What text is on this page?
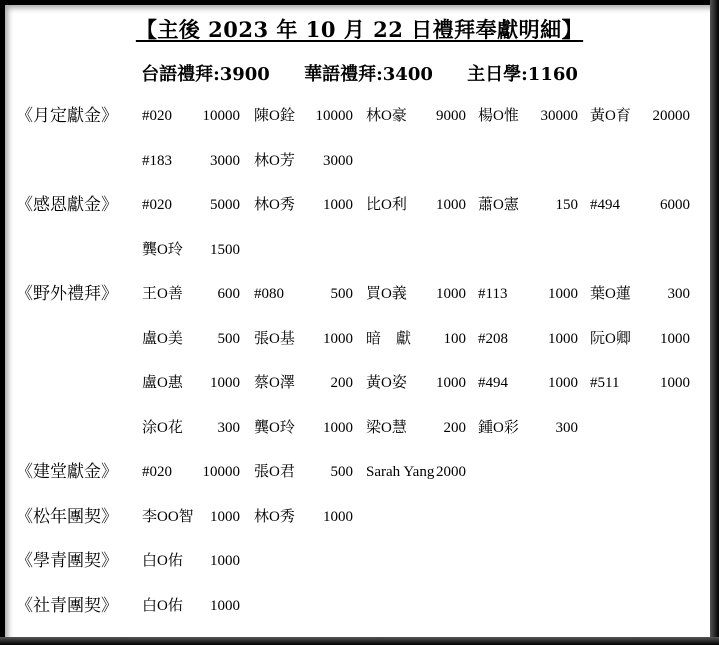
【主後 2023 年 10 月 22 日禮拜奉獻明細】
台語禮拜:3900 華語禮拜:3400 主日學:1160
《月定獻金》 #020	10000 陳O銓	10000 林O豪	9000 楊O惟	30000 黃O育	20000
#183	3000 林O芳	3000
《感恩獻金》 #020	5000 林O秀	1000 比O利	1000 蕭O憲	150 #494	6000
龔O玲	1500
《野外禮拜》 王O善	600 #080	500 買O義	1000 #113	1000 葉O蓮	300
盧O美	500 張O基	1000 暗　獻	100 #208	1000 阮O卿	1000
盧O惠	1000 蔡O澤	200 黃O姿	1000 #494	1000 #511	1000
涂O花	300 龔O玲	1000 梁O慧	200 鍾O彩	300
《建堂獻金》 #020	10000 張O君	500 Sarah Yang 2000
《松年團契》 李OO智	1000 林O秀	1000
《學青團契》 白O佑	1000
《社青團契》 白O佑	1000
